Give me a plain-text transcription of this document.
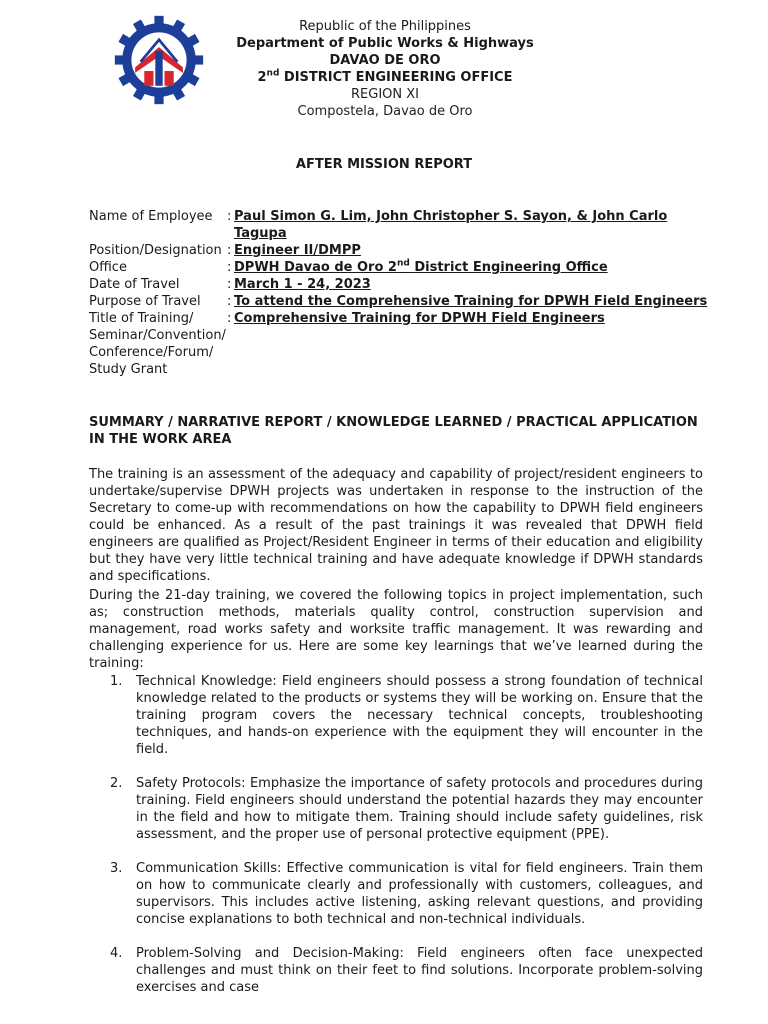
Republic of the Philippines
Department of Public Works & Highways
DAVAO DE ORO
2nd DISTRICT ENGINEERING OFFICE
REGION XI
Compostela, Davao de Oro
AFTER MISSION REPORT
Name of Employee	: Paul Simon G. Lim, John Christopher S. Sayon, & John Carlo Tagupa
Position/Designation : Engineer II/DMPP
Office	: DPWH Davao de Oro 2nd District Engineering Office
Date of Travel	: March 1 - 24, 2023
Purpose of Travel	: To attend the Comprehensive Training for DPWH Field Engineers
Title of Training/
Seminar/Convention/
Conference/Forum/
Study Grant
: Comprehensive Training for DPWH Field Engineers
SUMMARY / NARRATIVE REPORT / KNOWLEDGE LEARNED / PRACTICAL APPLICATION IN THE WORK AREA
The training is an assessment of the adequacy and capability of project/resident engineers to undertake/supervise DPWH projects was undertaken in response to the instruction of the Secretary to come-up with recommendations on how the capability to DPWH field engineers could be enhanced. As a result of the past trainings it was revealed that DPWH field engineers are qualified as Project/Resident Engineer in terms of their education and eligibility but they have very little technical training and have adequate knowledge if DPWH standards and specifications.
During the 21-day training, we covered the following topics in project implementation, such as; construction methods, materials quality control, construction supervision and management, road works safety and worksite traffic management. It was rewarding and challenging experience for us. Here are some key learnings that we’ve learned during the training:
1.	Technical Knowledge: Field engineers should possess a strong foundation of technical knowledge related to the products or systems they will be working on. Ensure that the training program covers the necessary technical concepts, troubleshooting techniques, and hands-on experience with the equipment they will encounter in the field.
2.	Safety Protocols: Emphasize the importance of safety protocols and procedures during training. Field engineers should understand the potential hazards they may encounter in the field and how to mitigate them. Training should include safety guidelines, risk assessment, and the proper use of personal protective equipment (PPE).
3.	Communication Skills: Effective communication is vital for field engineers. Train them on how to communicate clearly and professionally with customers, colleagues, and supervisors. This includes active listening, asking relevant questions, and providing concise explanations to both technical and non-technical individuals.
4.	Problem-Solving and Decision-Making: Field engineers often face unexpected challenges and must think on their feet to find solutions. Incorporate problem-solving exercises and case
